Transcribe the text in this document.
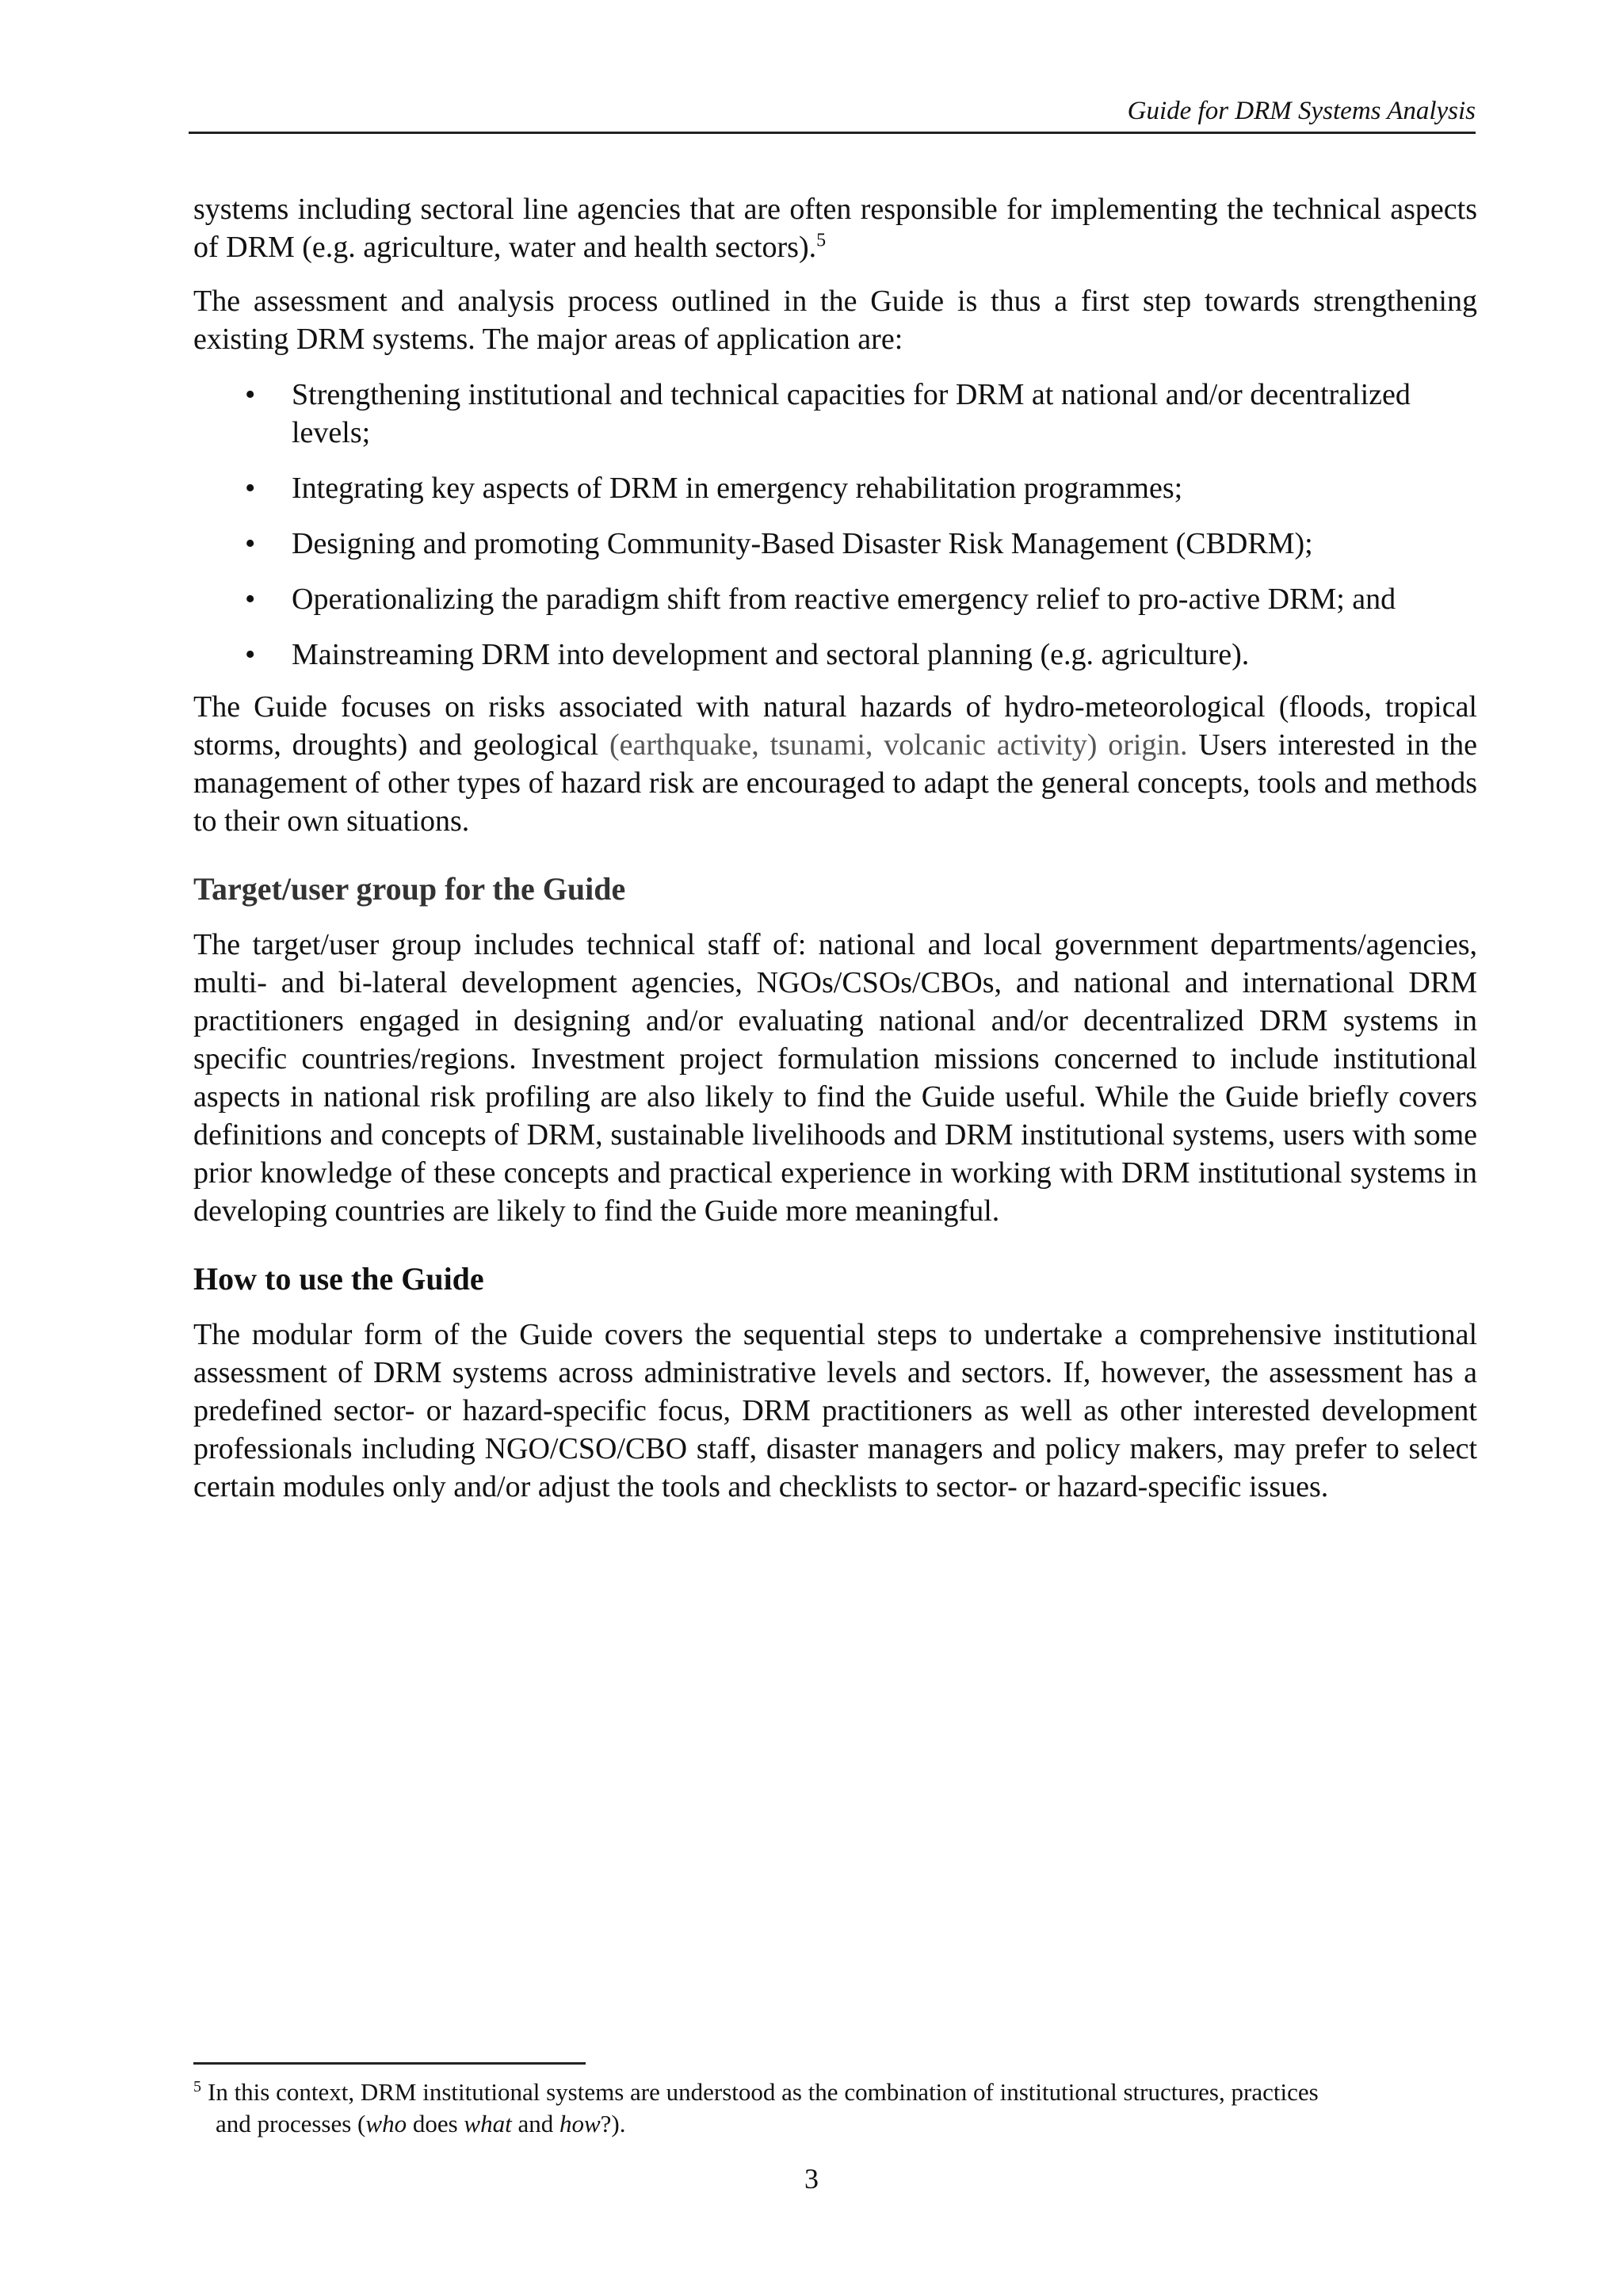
Guide for DRM Systems Analysis

systems including sectoral line agencies that are often responsible for implementing the technical aspects of DRM (e.g. agriculture, water and health sectors).$^5$

The assessment and analysis process outlined in the Guide is thus a first step towards strengthening existing DRM systems. The major areas of application are:

• Strengthening institutional and technical capacities for DRM at national and/or decentralized levels;
• Integrating key aspects of DRM in emergency rehabilitation programmes;
• Designing and promoting Community-Based Disaster Risk Management (CBDRM);
• Operationalizing the paradigm shift from reactive emergency relief to pro-active DRM; and
• Mainstreaming DRM into development and sectoral planning (e.g. agriculture).

The Guide focuses on risks associated with natural hazards of hydro-meteorological (floods, tropical storms, droughts) and geological (earthquake, tsunami, volcanic activity) origin. Users interested in the management of other types of hazard risk are encouraged to adapt the general concepts, tools and methods to their own situations.

Target/user group for the Guide

The target/user group includes technical staff of: national and local government departments/agencies, multi- and bi-lateral development agencies, NGOs/CSOs/CBOs, and national and international DRM practitioners engaged in designing and/or evaluating national and/or decentralized DRM systems in specific countries/regions. Investment project formulation missions concerned to include institutional aspects in national risk profiling are also likely to find the Guide useful. While the Guide briefly covers definitions and concepts of DRM, sustainable livelihoods and DRM institutional systems, users with some prior knowledge of these concepts and practical experience in working with DRM institutional systems in developing countries are likely to find the Guide more meaningful.

How to use the Guide

The modular form of the Guide covers the sequential steps to undertake a comprehensive institutional assessment of DRM systems across administrative levels and sectors. If, however, the assessment has a predefined sector- or hazard-specific focus, DRM practitioners as well as other interested development professionals including NGO/CSO/CBO staff, disaster managers and policy makers, may prefer to select certain modules only and/or adjust the tools and checklists to sector- or hazard-specific issues.

$^5$ In this context, DRM institutional systems are understood as the combination of institutional structures, practices
and processes (who does what and how?).
3
